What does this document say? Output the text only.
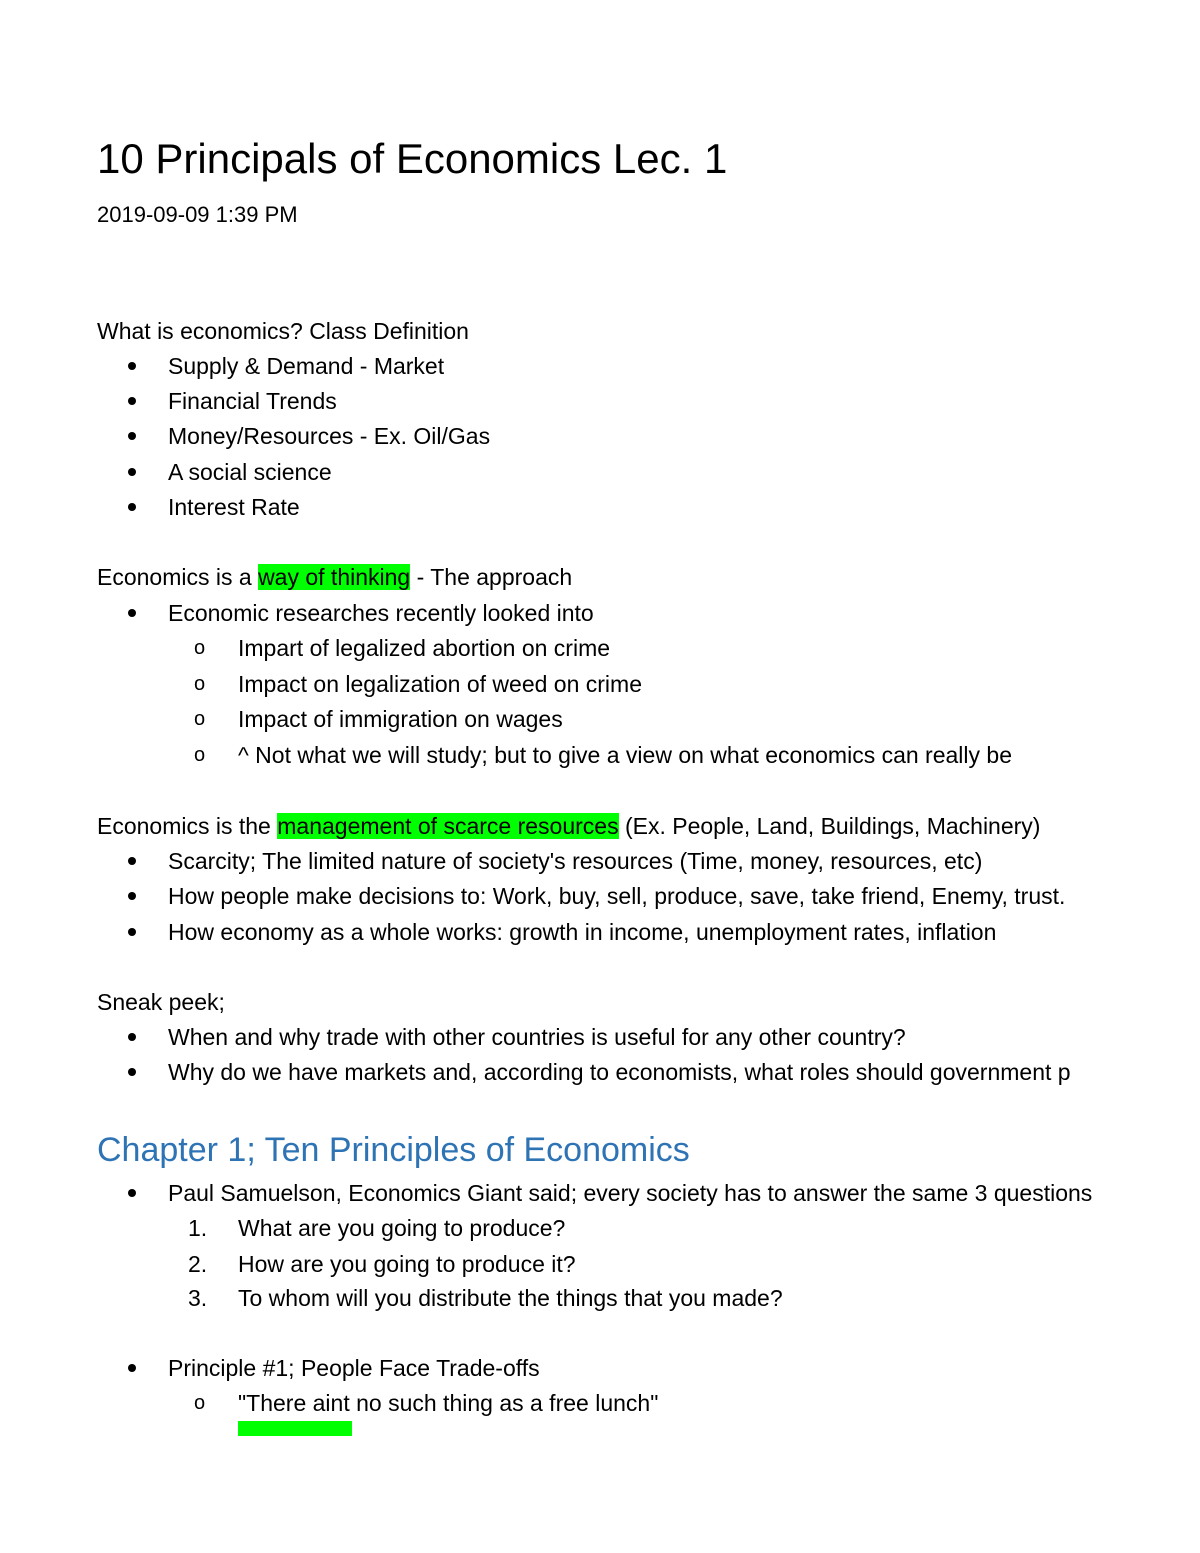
10 Principals of Economics Lec. 1

2019-09-09 1:39 PM

What is economics? Class Definition

Supply & Demand - Market

Financial Trends

Money/Resources - Ex. Oil/Gas

A social science

Interest Rate

Economics is a way of thinking - The approach

Economic researches recently looked into

o Impart of legalized abortion on crime

o Impact on legalization of weed on crime

o Impact of immigration on wages

o ^ Not what we will study; but to give a view on what economics can really be

Economics is the management of scarce resources (Ex. People, Land, Buildings, Machinery)

Scarcity; The limited nature of society's resources (Time, money, resources, etc)

How people make decisions to: Work, buy, sell, produce, save, take friend, Enemy, trust.

How economy as a whole works: growth in income, unemployment rates, inflation

Sneak peek;

When and why trade with other countries is useful for any other country?

Why do we have markets and, according to economists, what roles should government p

Chapter 1; Ten Principles of Economics

Paul Samuelson, Economics Giant said; every society has to answer the same 3 questions

1. What are you going to produce?

2. How are you going to produce it?

3. To whom will you distribute the things that you made?

Principle #1; People Face Trade-offs

o "There aint no such thing as a free lunch"
